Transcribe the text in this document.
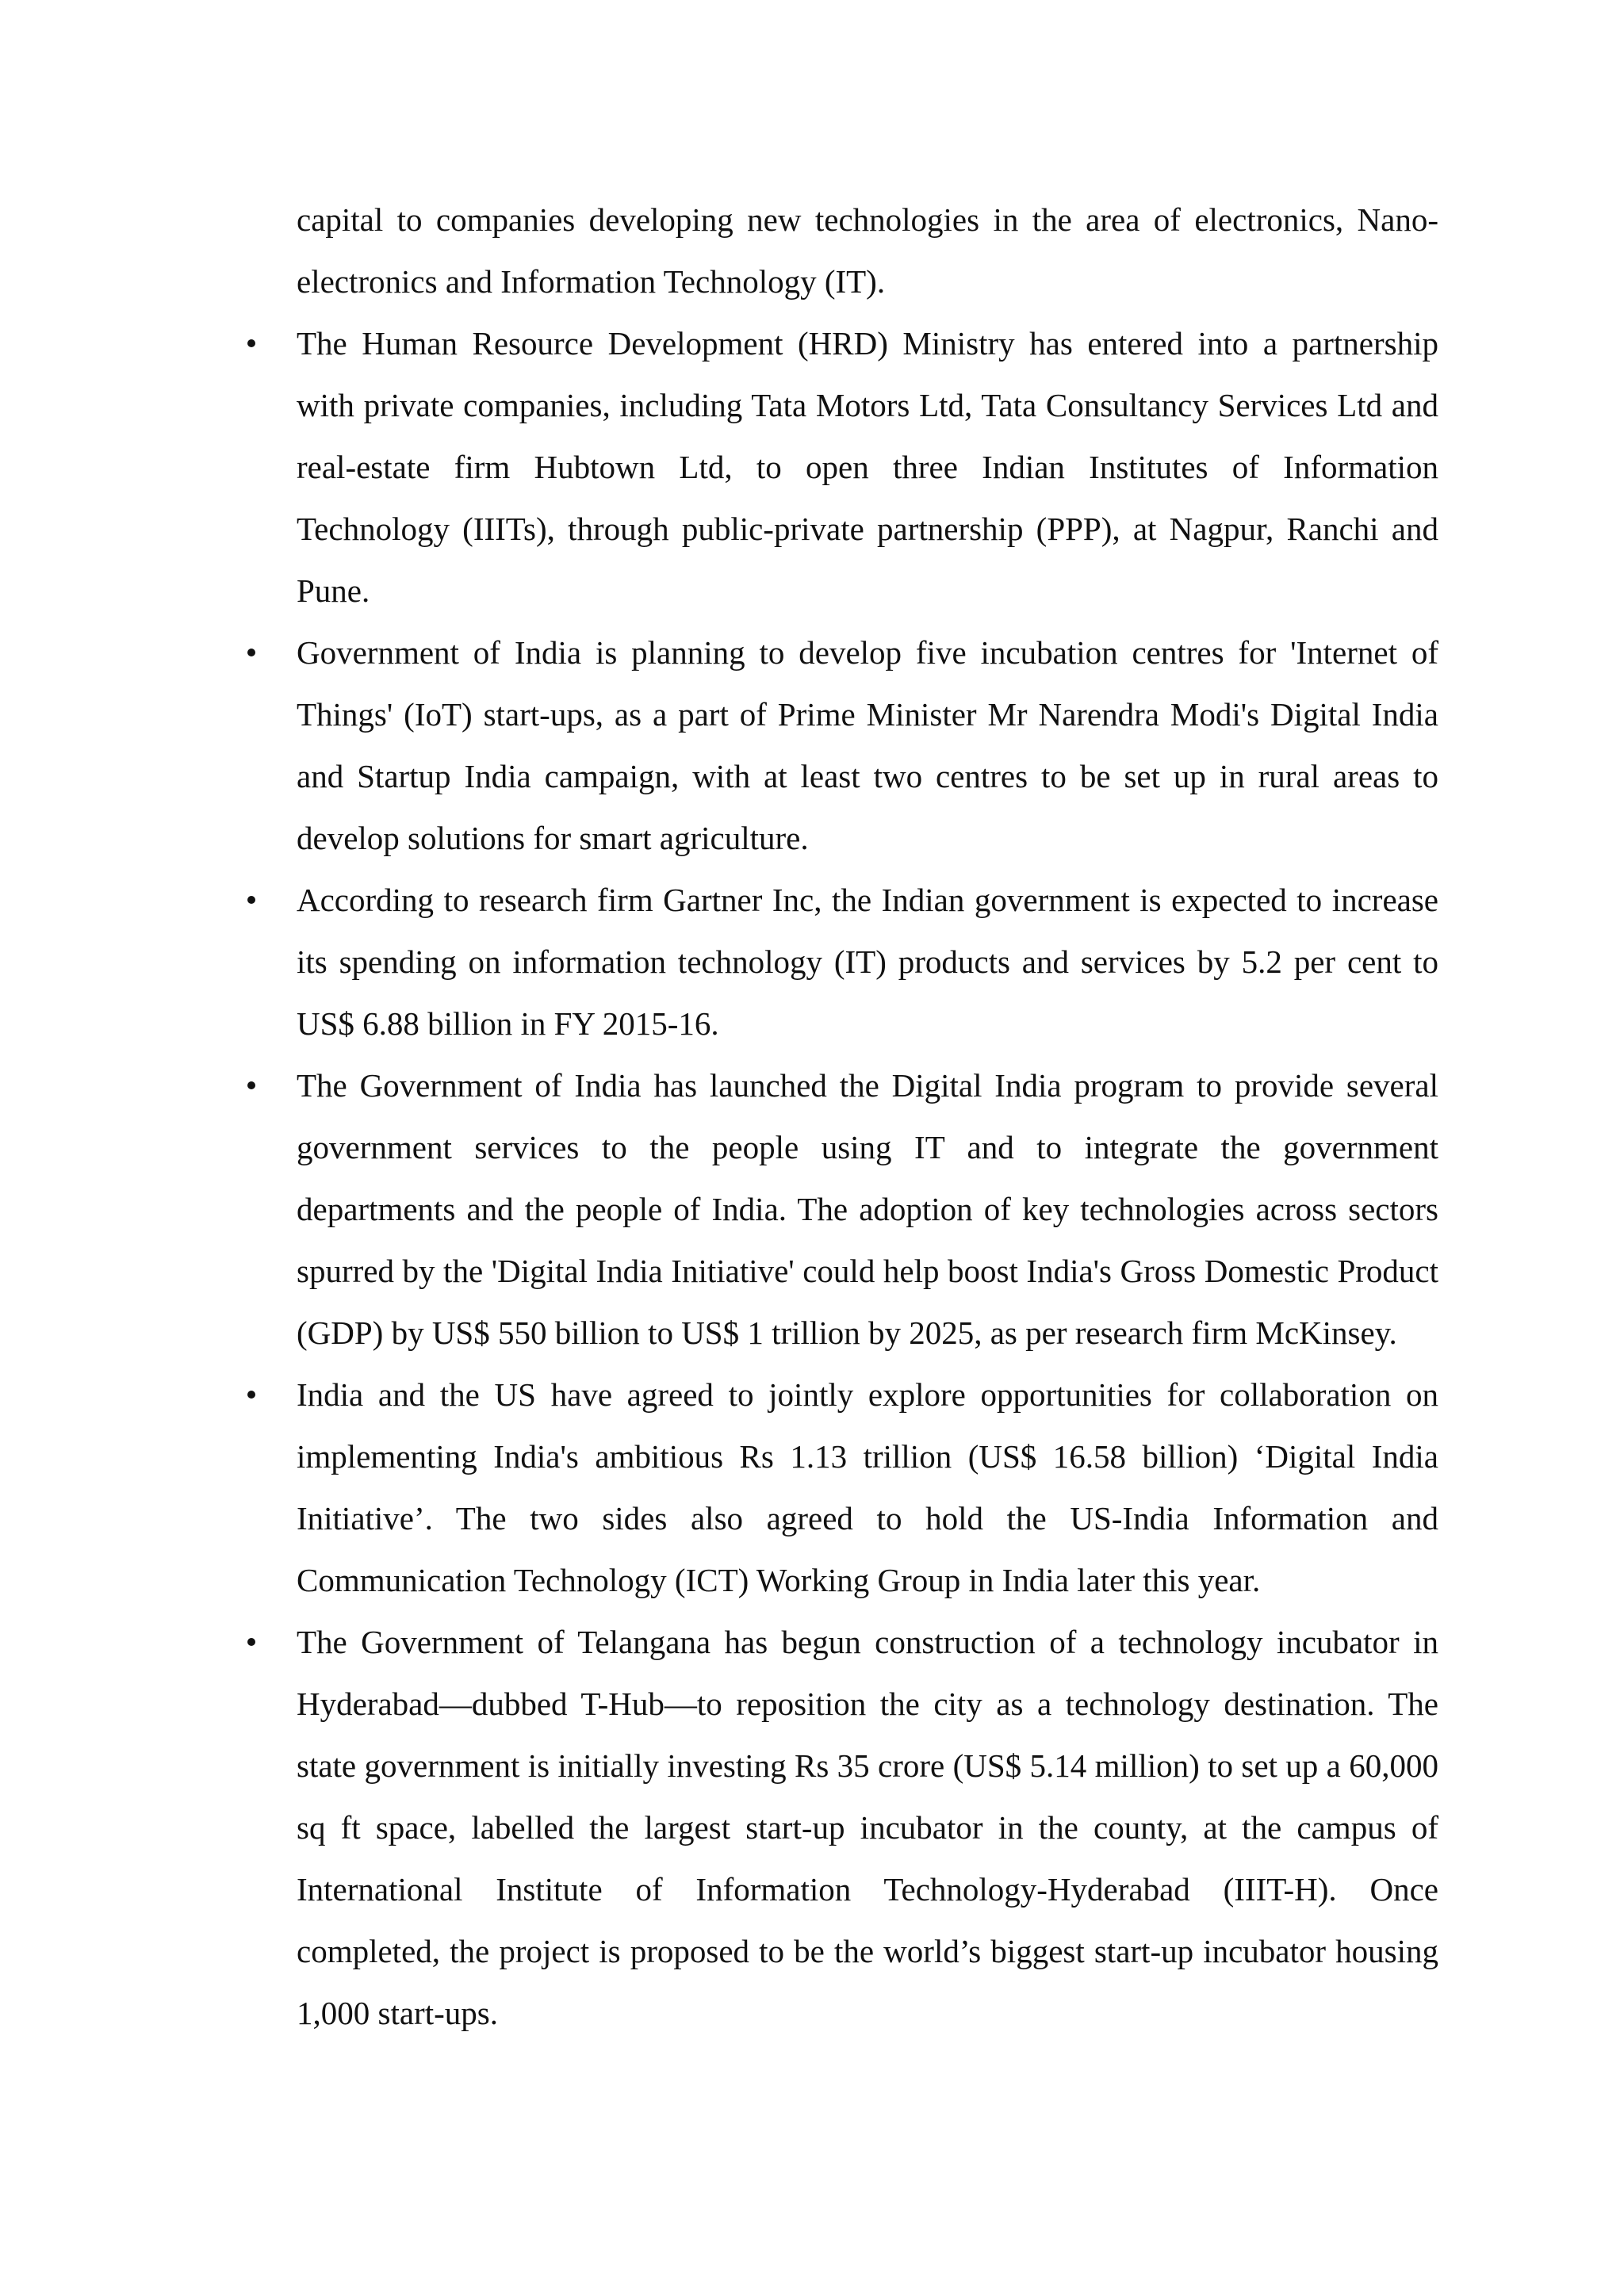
capital to companies developing new technologies in the area of electronics, Nano-electronics and Information Technology (IT).

The Human Resource Development (HRD) Ministry has entered into a partnership with private companies, including Tata Motors Ltd, Tata Consultancy Services Ltd and real-estate firm Hubtown Ltd, to open three Indian Institutes of Information Technology (IIITs), through public-private partnership (PPP), at Nagpur, Ranchi and Pune.
Government of India is planning to develop five incubation centres for 'Internet of Things' (IoT) start-ups, as a part of Prime Minister Mr Narendra Modi's Digital India and Startup India campaign, with at least two centres to be set up in rural areas to develop solutions for smart agriculture.
According to research firm Gartner Inc, the Indian government is expected to increase its spending on information technology (IT) products and services by 5.2 per cent to US$ 6.88 billion in FY 2015-16.
The Government of India has launched the Digital India program to provide several government services to the people using IT and to integrate the government departments and the people of India. The adoption of key technologies across sectors spurred by the 'Digital India Initiative' could help boost India's Gross Domestic Product (GDP) by US$ 550 billion to US$ 1 trillion by 2025, as per research firm McKinsey.
India and the US have agreed to jointly explore opportunities for collaboration on implementing India's ambitious Rs 1.13 trillion (US$ 16.58 billion) ‘Digital India Initiative’. The two sides also agreed to hold the US-India Information and Communication Technology (ICT) Working Group in India later this year.
The Government of Telangana has begun construction of a technology incubator in Hyderabad—dubbed T-Hub—to reposition the city as a technology destination. The state government is initially investing Rs 35 crore (US$ 5.14 million) to set up a 60,000 sq ft space, labelled the largest start-up incubator in the county, at the campus of International Institute of Information Technology-Hyderabad (IIIT-H). Once completed, the project is proposed to be the world’s biggest start-up incubator housing 1,000 start-ups.
